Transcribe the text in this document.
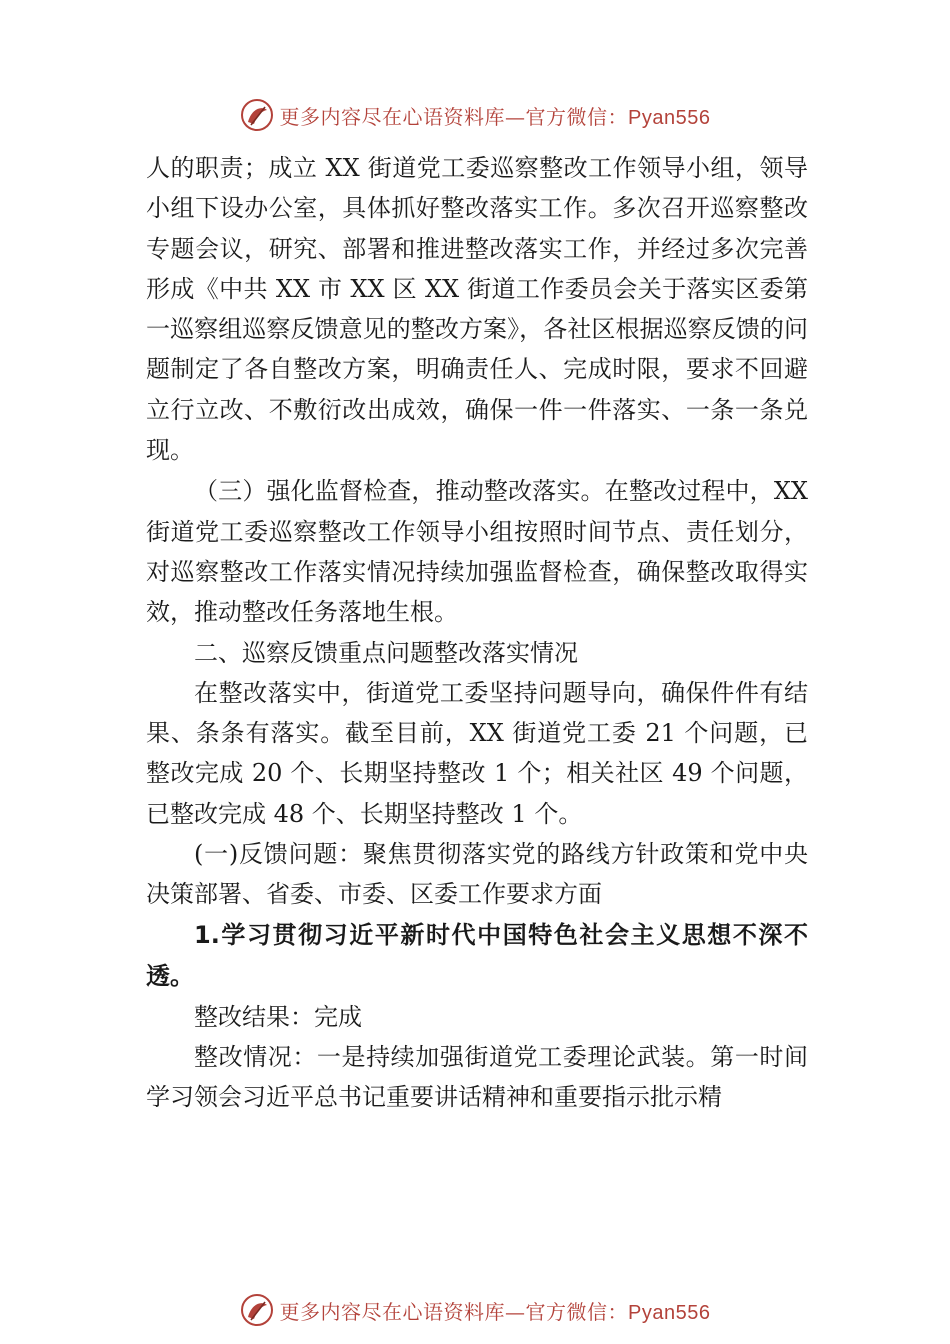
更多内容尽在心语资料库—官方微信：Pyan556

人的职责；成立 XX 街道党工委巡察整改工作领导小组，领导小组下设办公室，具体抓好整改落实工作。多次召开巡察整改专题会议，研究、部署和推进整改落实工作，并经过多次完善形成《中共 XX 市 XX 区 XX 街道工作委员会关于落实区委第一巡察组巡察反馈意见的整改方案》，各社区根据巡察反馈的问题制定了各自整改方案，明确责任人、完成时限，要求不回避立行立改、不敷衍改出成效，确保一件一件落实、一条一条兑现。

（三）强化监督检查，推动整改落实。在整改过程中，XX 街道党工委巡察整改工作领导小组按照时间节点、责任划分，对巡察整改工作落实情况持续加强监督检查，确保整改取得实效，推动整改任务落地生根。

二、巡察反馈重点问题整改落实情况

在整改落实中，街道党工委坚持问题导向，确保件件有结果、条条有落实。截至目前，XX 街道党工委 21 个问题，已整改完成 20 个、长期坚持整改 1 个；相关社区 49 个问题，已整改完成 48 个、长期坚持整改 1 个。

(一)反馈问题：聚焦贯彻落实党的路线方针政策和党中央决策部署、省委、市委、区委工作要求方面

1.学习贯彻习近平新时代中国特色社会主义思想不深不透。

整改结果：完成

整改情况：一是持续加强街道党工委理论武装。第一时间学习领会习近平总书记重要讲话精神和重要指示批示精

更多内容尽在心语资料库—官方微信：Pyan556
